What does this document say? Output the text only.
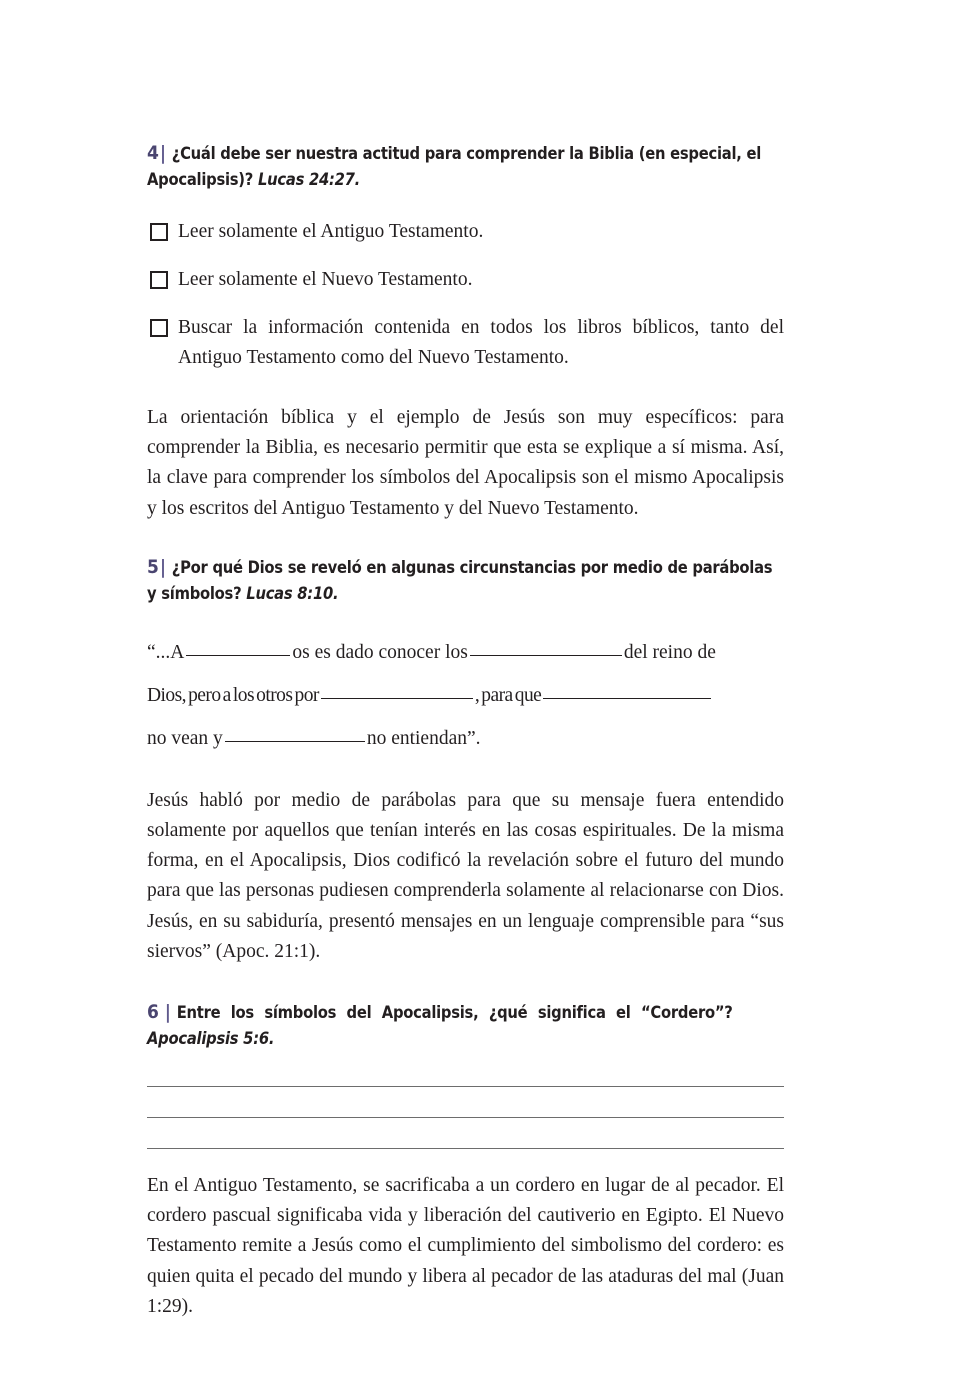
4| ¿Cuál debe ser nuestra actitud para comprender la Biblia (en especial, el Apocalipsis)? Lucas 24:27.

Leer solamente el Antiguo Testamento.
Leer solamente el Nuevo Testamento.
Buscar la información contenida en todos los libros bíblicos, tanto del Antiguo Testamento como del Nuevo Testamento.

La orientación bíblica y el ejemplo de Jesús son muy específicos: para comprender la Biblia, es necesario permitir que esta se explique a sí misma. Así, la clave para comprender los símbolos del Apocalipsis son el mismo Apocalipsis y los escritos del Antiguo Testamento y del Nuevo Testamento.

5| ¿Por qué Dios se reveló en algunas circunstancias por medio de parábolas y símbolos? Lucas 8:10.

“...A	os es dado conocer los	del reino de
Dios, pero a los otros por	, para que
no vean y	no entiendan”.

Jesús habló por medio de parábolas para que su mensaje fuera entendido solamente por aquellos que tenían interés en las cosas espirituales. De la misma forma, en el Apocalipsis, Dios codificó la revelación sobre el futuro del mundo para que las personas pudiesen comprenderla solamente al relacionarse con Dios. Jesús, en su sabiduría, presentó mensajes en un lenguaje comprensible para “sus siervos” (Apoc. 21:1).

6 | Entre los símbolos del Apocalipsis, ¿qué significa el “Cordero”?
Apocalipsis 5:6.

En el Antiguo Testamento, se sacrificaba a un cordero en lugar de al pecador. El cordero pascual significaba vida y liberación del cautiverio en Egipto. El Nuevo Testamento remite a Jesús como el cumplimiento del simbolismo del cordero: es quien quita el pecado del mundo y libera al pecador de las ataduras del mal (Juan 1:29).
